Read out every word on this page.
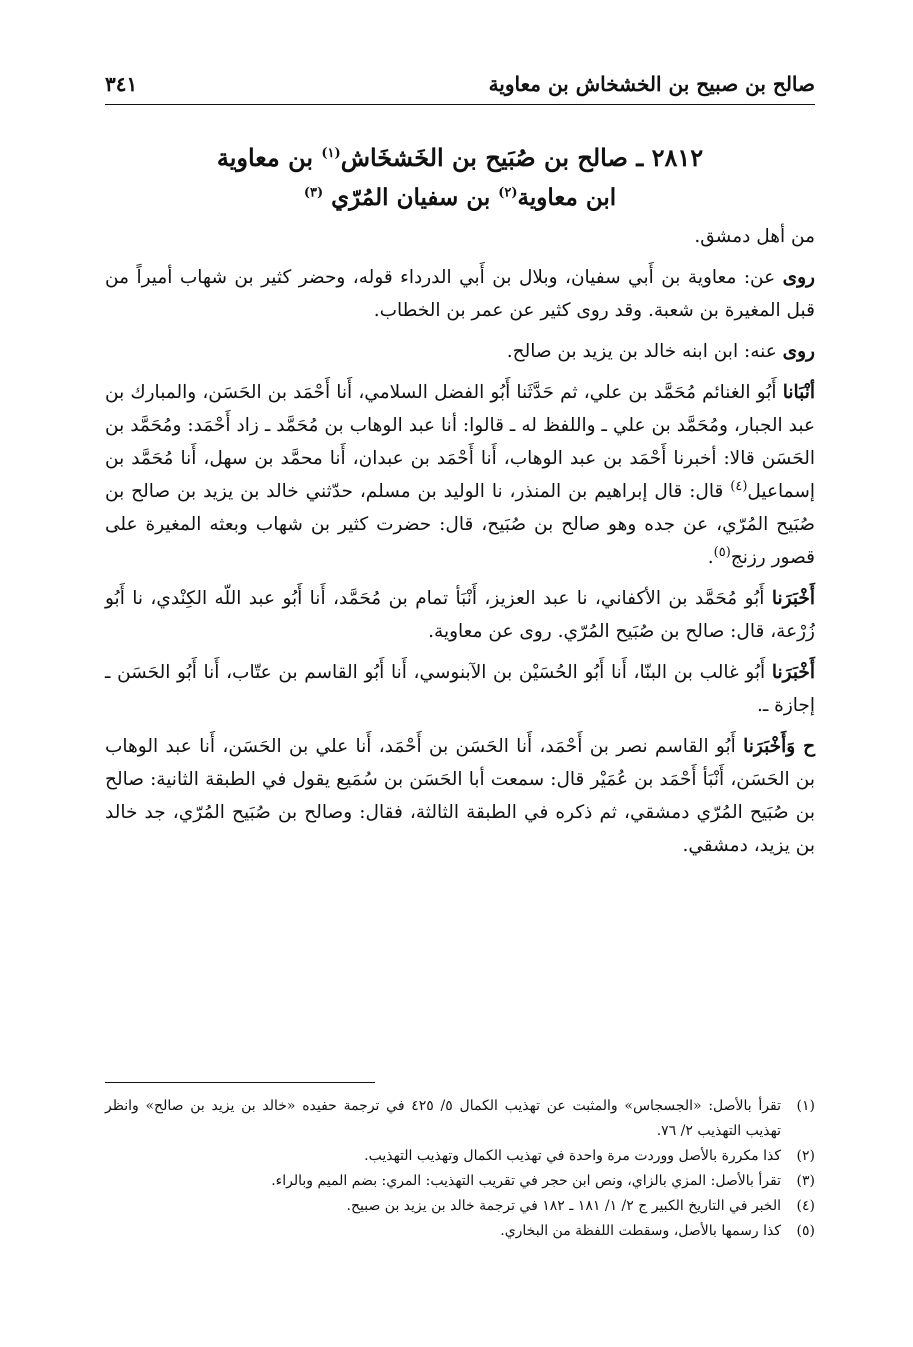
صالح بن صبيح بن الخشخاش بن معاوية
٣٤١
٢٨١٢ ـ صالح بن صُبَيح بن الخَشخَاش$^{(١)}$ بن معاوية
ابن معاوية$^{(٢)}$ بن سفيان المُرّي $^{(٣)}$

من أهل دمشق.

روى عن: معاوية بن أَبي سفيان، وبلال بن أَبي الدرداء قوله، وحضر كثير بن شهاب أميراً من قبل المغيرة بن شعبة. وقد روى كثير عن عمر بن الخطاب.

روى عنه: ابن ابنه خالد بن يزيد بن صالح.

أنْبَانا أَبُو الغنائم مُحَمَّد بن علي، ثم حَدَّثَنا أَبُو الفضل السلامي، أَنا أَحْمَد بن الحَسَن، والمبارك بن عبد الجبار، ومُحَمَّد بن علي ـ واللفظ له ـ قالوا: أنا عبد الوهاب بن مُحَمَّد ـ زاد أَحْمَد: ومُحَمَّد بن الحَسَن قالا: أخبرنا أَحْمَد بن عبد الوهاب، أَنا أَحْمَد بن عبدان، أَنا محمَّد بن سهل، أَنا مُحَمَّد بن إسماعيل$^{(٤)}$ قال: قال إبراهيم بن المنذر، نا الوليد بن مسلم، حدّثني خالد بن يزيد بن صالح بن صُبَيح المُرّي، عن جده وهو صالح بن صُبَيح، قال: حضرت كثير بن شهاب وبعثه المغيرة على قصور رزنج$^{(٥)}$.

أَخْبَرَنا أَبُو مُحَمَّد بن الأكفاني، نا عبد العزيز، أَنْبَأ تمام بن مُحَمَّد، أَنا أَبُو عبد اللّه الكِنْدي، نا أَبُو زُرْعة، قال: صالح بن صُبَيح المُرّي. روى عن معاوية.

أَخْبَرَنا أَبُو غالب بن البنّا، أَنا أَبُو الحُسَيْن بن الآبنوسي، أَنا أَبُو القاسم بن عتّاب، أَنا أَبُو الحَسَن ـ إجازة ـ.

ح وَأَخْبَرَنا أَبُو القاسم نصر بن أَحْمَد، أَنا الحَسَن بن أَحْمَد، أَنا علي بن الحَسَن، أَنا عبد الوهاب بن الحَسَن، أَنْبَأ أَحْمَد بن عُمَيْر قال: سمعت أبا الحَسَن بن سُمَيع يقول في الطبقة الثانية: صالح بن صُبَيح المُرّي دمشقي، ثم ذكره في الطبقة الثالثة، فقال: وصالح بن صُبَيح المُرّي، جد خالد بن يزيد، دمشقي.

(١)
تقرأ بالأصل: «الجسجاس» والمثبت عن تهذيب الكمال ٥/ ٤٢٥ في ترجمة حفيده «خالد بن يزيد بن صالح» وانظر تهذيب التهذيب ٢/ ٧٦.
(٢)
كذا مكررة بالأصل ووردت مرة واحدة في تهذيب الكمال وتهذيب التهذيب.
(٣)
تقرأ بالأصل: المزي بالزاي، ونص ابن حجر في تقريب التهذيب: المري: بضم الميم وبالراء.
(٤)
الخبر في التاريخ الكبير ج ٢/ ١/ ١٨١ ـ ١٨٢ في ترجمة خالد بن يزيد بن صبيح.
(٥)
كذا رسمها بالأصل، وسقطت اللفظة من البخاري.
